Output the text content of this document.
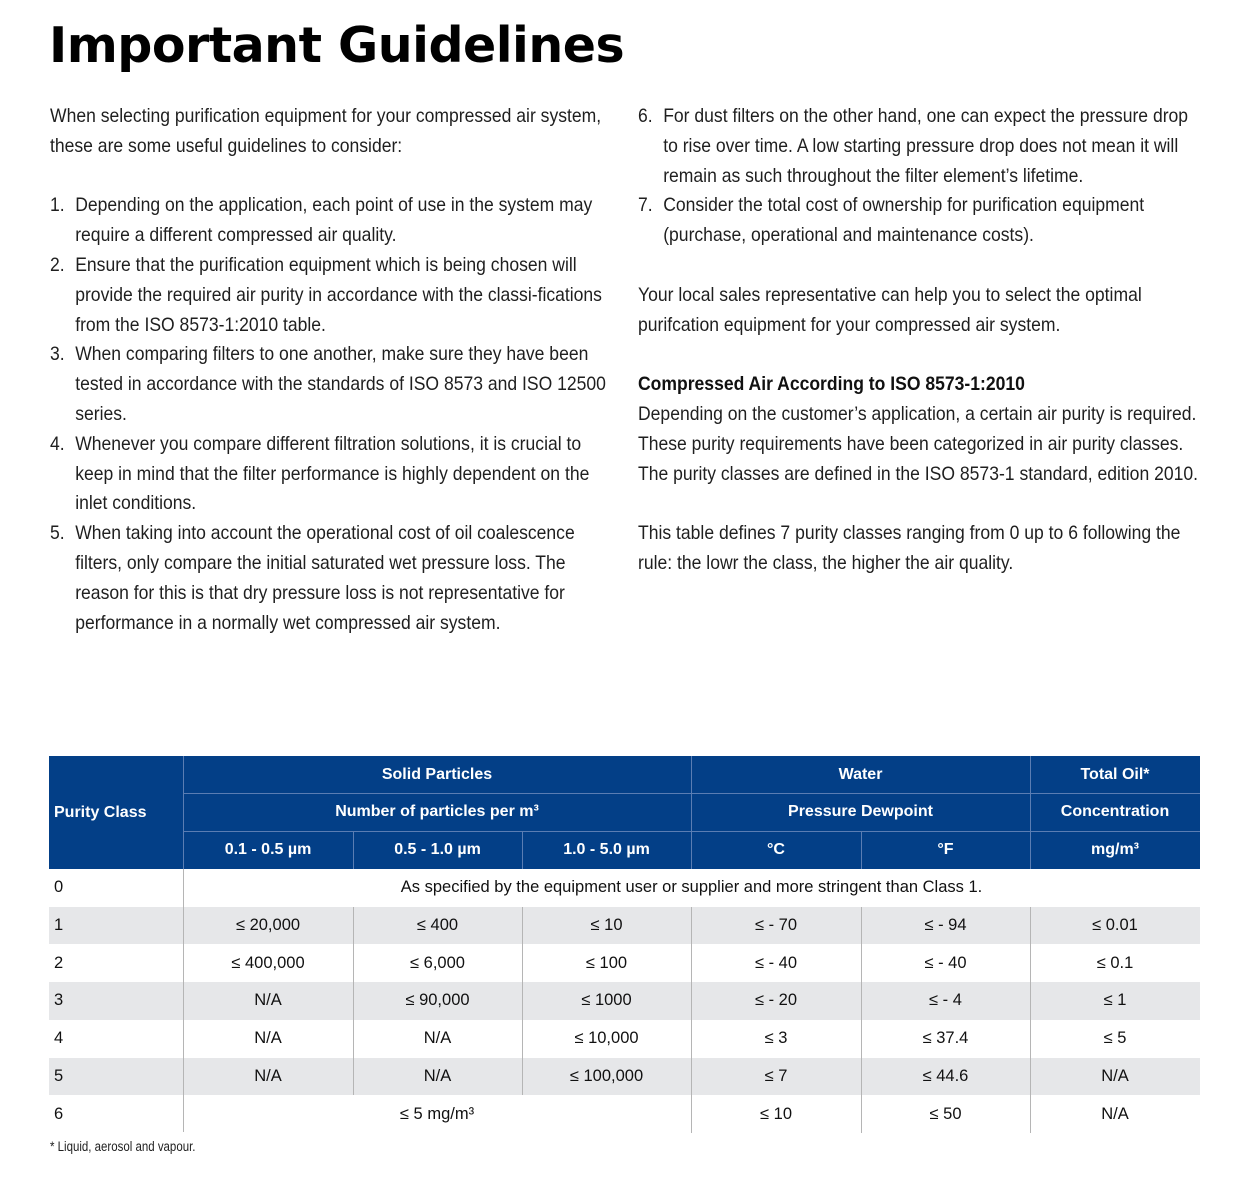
Important Guidelines

When selecting purification equipment for your compressed air system, these are some useful guidelines to consider:

1. Depending on the application, each point of use in the system may require a different compressed air quality.
2. Ensure that the purification equipment which is being chosen will provide the required air purity in accordance with the classi-fications from the ISO 8573-1:2010 table.
3. When comparing filters to one another, make sure they have been tested in accordance with the standards of ISO 8573 and ISO 12500 series.
4. Whenever you compare different filtration solutions, it is crucial to keep in mind that the filter performance is highly dependent on the inlet conditions.
5. When taking into account the operational cost of oil coalescence filters, only compare the initial saturated wet pressure loss. The reason for this is that dry pressure loss is not representative for performance in a normally wet compressed air system.
6. For dust filters on the other hand, one can expect the pressure drop to rise over time. A low starting pressure drop does not mean it will remain as such throughout the filter element’s lifetime.
7. Consider the total cost of ownership for purification equipment (purchase, operational and maintenance costs).

Your local sales representative can help you to select the optimal purifcation equipment for your compressed air system.

Compressed Air According to ISO 8573-1:2010

Depending on the customer’s application, a certain air purity is required. These purity requirements have been categorized in air purity classes. The purity classes are defined in the ISO 8573-1 standard, edition 2010.

This table defines 7 purity classes ranging from 0 up to 6 following the rule: the lowr the class, the higher the air quality.

Purity Class
Solid Particles	Water	Total Oil*
Number of particles per m³	Pressure Dewpoint	Concentration
0.1 - 0.5 µm	0.5 - 1.0 µm	1.0 - 5.0 µm	°C	°F	mg/m³
0	As specified by the equipment user or supplier and more stringent than Class 1.
1	≤ 20,000	≤ 400	≤ 10	≤ - 70	≤ - 94	≤ 0.01
2	≤ 400,000	≤ 6,000	≤ 100	≤ - 40	≤ - 40	≤ 0.1
3	N/A	≤ 90,000	≤ 1000	≤ - 20	≤ - 4	≤ 1
4	N/A	N/A	≤ 10,000	≤ 3	≤ 37.4	≤ 5
5	N/A	N/A	≤ 100,000	≤ 7	≤ 44.6	N/A
6	≤ 5 mg/m³	≤ 10	≤ 50	N/A
* Liquid, aerosol and vapour.
